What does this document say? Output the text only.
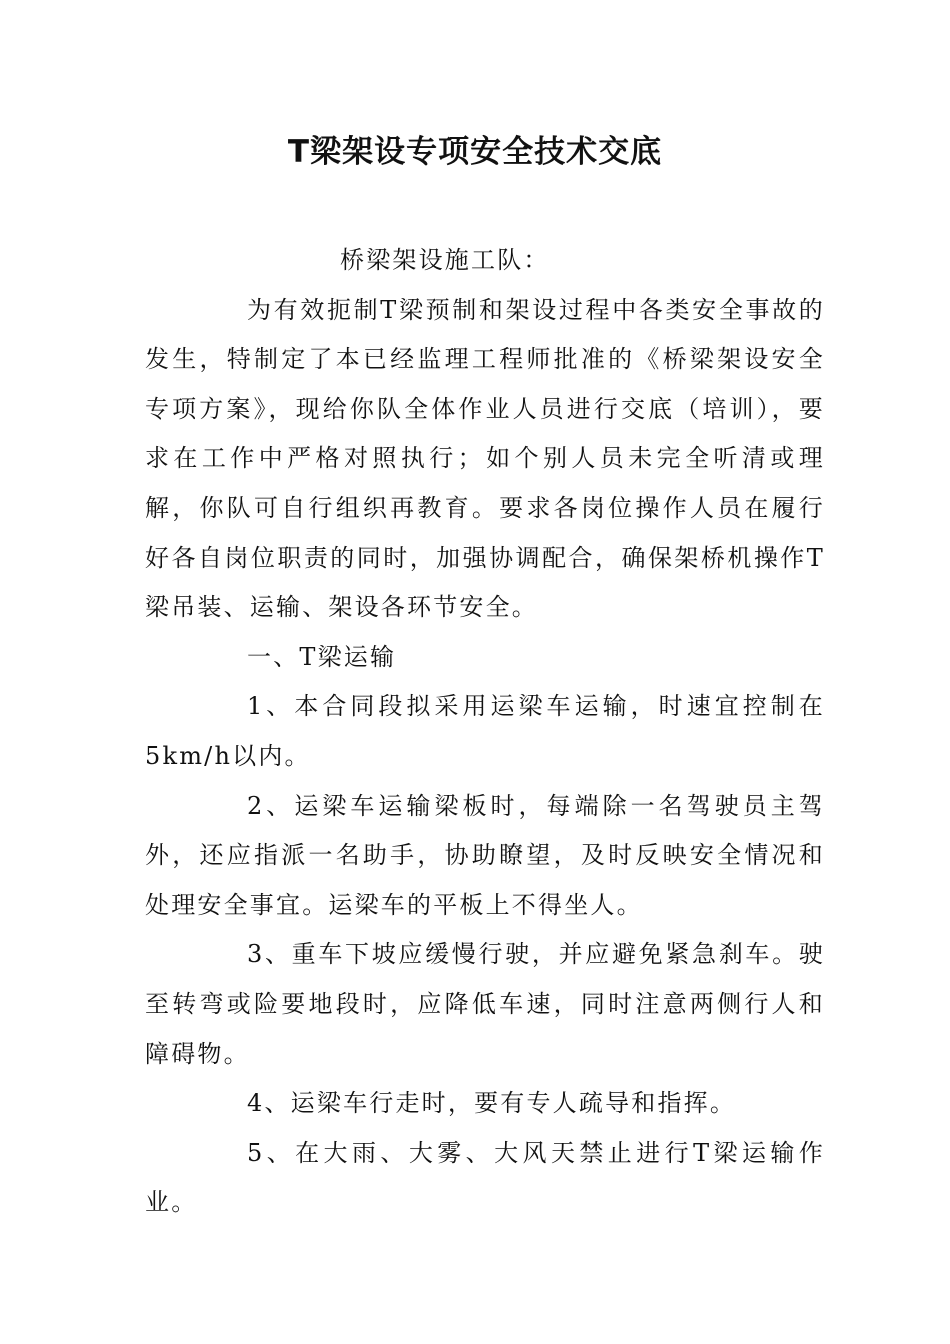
T梁架设专项安全技术交底

桥梁架设施工队：

为有效扼制T梁预制和架设过程中各类安全事故的发生，特制定了本已经监理工程师批准的《桥梁架设安全专项方案》，现给你队全体作业人员进行交底（培训），要求在工作中严格对照执行；如个别人员未完全听清或理解，你队可自行组织再教育。要求各岗位操作人员在履行好各自岗位职责的同时，加强协调配合，确保架桥机操作T梁吊装、运输、架设各环节安全。

一、T梁运输

1、本合同段拟采用运梁车运输，时速宜控制在5km/h以内。

2、运梁车运输梁板时，每端除一名驾驶员主驾外，还应指派一名助手，协助瞭望，及时反映安全情况和处理安全事宜。运梁车的平板上不得坐人。

3、重车下坡应缓慢行驶，并应避免紧急刹车。驶至转弯或险要地段时，应降低车速，同时注意两侧行人和障碍物。

4、运梁车行走时，要有专人疏导和指挥。

5、在大雨、大雾、大风天禁止进行T梁运输作业。
